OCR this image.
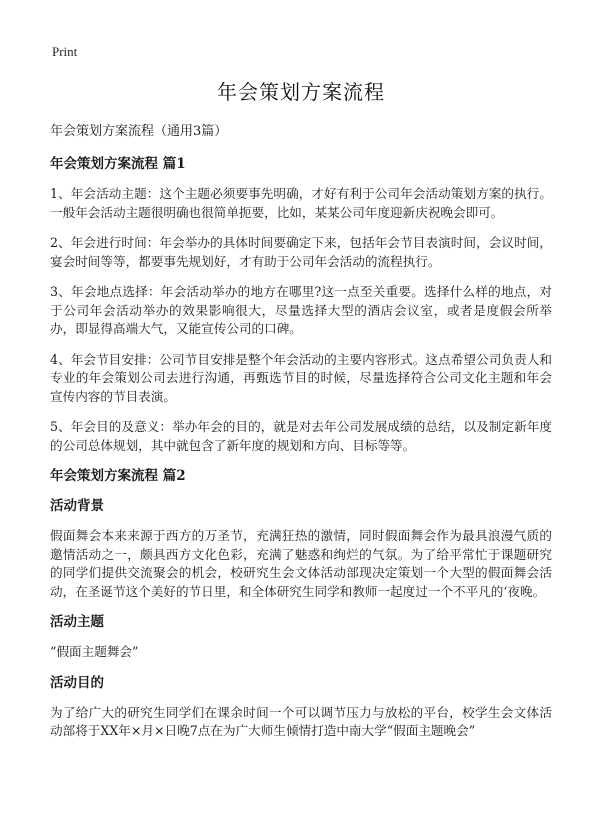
Print
年会策划方案流程
年会策划方案流程（通用3篇）
年会策划方案流程 篇1

1、年会活动主题：这个主题必须要事先明确，才好有利于公司年会活动策划方案的执行。一般年会活动主题很明确也很简单扼要，比如，某某公司年度迎新庆祝晚会即可。

2、年会进行时间：年会举办的具体时间要确定下来，包括年会节目表演时间，会议时间，宴会时间等等，都要事先规划好，才有助于公司年会活动的流程执行。

3、年会地点选择：年会活动举办的地方在哪里?这一点至关重要。选择什么样的地点，对于公司年会活动举办的效果影响很大，尽量选择大型的酒店会议室，或者是度假会所举办，即显得高端大气，又能宣传公司的口碑。

4、年会节目安排：公司节目安排是整个年会活动的主要内容形式。这点希望公司负责人和专业的年会策划公司去进行沟通，再甄选节目的时候，尽量选择符合公司文化主题和年会宣传内容的节目表演。

5、年会目的及意义：举办年会的目的，就是对去年公司发展成绩的总结，以及制定新年度的公司总体规划，其中就包含了新年度的规划和方向、目标等等。

年会策划方案流程 篇2
活动背景

假面舞会本来来源于西方的万圣节，充满狂热的激情，同时假面舞会作为最具浪漫气质的邀情活动之一，颇具西方文化色彩，充满了魅惑和绚烂的气氛。为了给平常忙于课题研究的同学们提供交流聚会的机会，校研究生会文体活动部现决定策划一个大型的假面舞会活动，在圣诞节这个美好的节日里，和全体研究生同学和教师一起度过一个不平凡的‘夜晚。

活动主题

“假面主题舞会”

活动目的

为了给广大的研究生同学们在课余时间一个可以调节压力与放松的平台，校学生会文体活动部将于XX年×月×日晚7点在为广大师生倾情打造中南大学“假面主题晚会”
